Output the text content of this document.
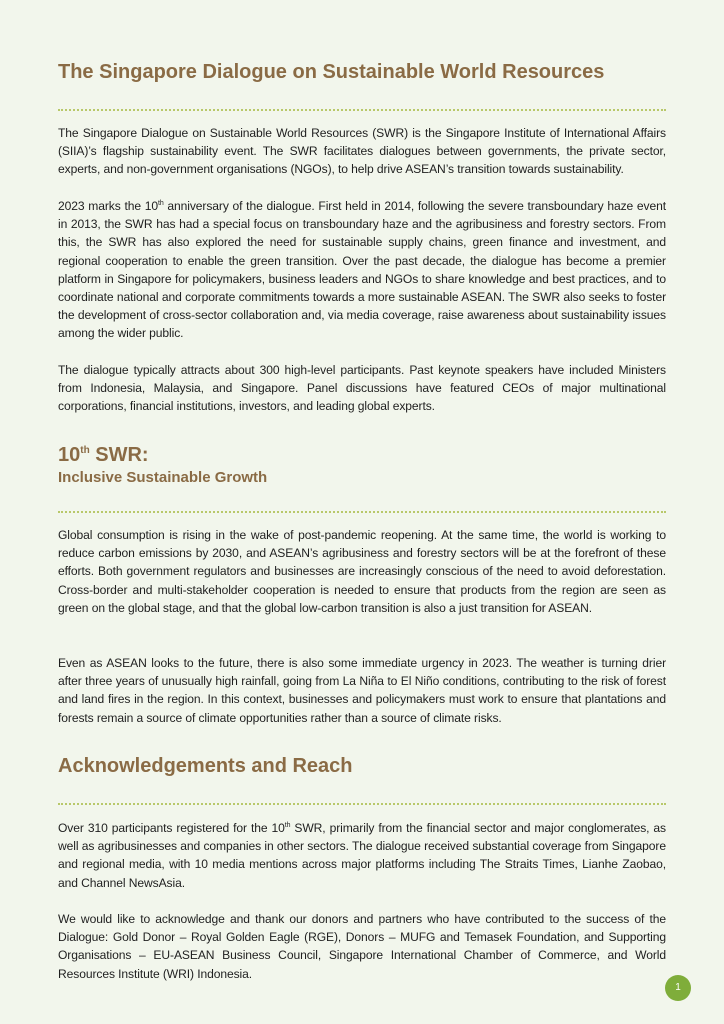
The Singapore Dialogue on Sustainable World Resources

The Singapore Dialogue on Sustainable World Resources (SWR) is the Singapore Institute of International Affairs (SIIA)’s flagship sustainability event. The SWR facilitates dialogues between governments, the private sector, experts, and non-government organisations (NGOs), to help drive ASEAN’s transition towards sustainability.

2023 marks the 10th anniversary of the dialogue. First held in 2014, following the severe transboundary haze event in 2013, the SWR has had a special focus on transboundary haze and the agribusiness and forestry sectors. From this, the SWR has also explored the need for sustainable supply chains, green finance and investment, and regional cooperation to enable the green transition. Over the past decade, the dialogue has become a premier platform in Singapore for policymakers, business leaders and NGOs to share knowledge and best practices, and to coordinate national and corporate commitments towards a more sustainable ASEAN. The SWR also seeks to foster the development of cross-sector collaboration and, via media coverage, raise awareness about sustainability issues among the wider public.

The dialogue typically attracts about 300 high-level participants. Past keynote speakers have included Ministers from Indonesia, Malaysia, and Singapore. Panel discussions have featured CEOs of major multinational corporations, financial institutions, investors, and leading global experts.

10th SWR:
Inclusive Sustainable Growth

Global consumption is rising in the wake of post-pandemic reopening. At the same time, the world is working to reduce carbon emissions by 2030, and ASEAN’s agribusiness and forestry sectors will be at the forefront of these efforts. Both government regulators and businesses are increasingly conscious of the need to avoid deforestation. Cross-border and multi-stakeholder cooperation is needed to ensure that products from the region are seen as green on the global stage, and that the global low-carbon transition is also a just transition for ASEAN.

Even as ASEAN looks to the future, there is also some immediate urgency in 2023. The weather is turning drier after three years of unusually high rainfall, going from La Niña to El Niño conditions, contributing to the risk of forest and land fires in the region. In this context, businesses and policymakers must work to ensure that plantations and forests remain a source of climate opportunities rather than a source of climate risks.

Acknowledgements and Reach

Over 310 participants registered for the 10th SWR, primarily from the financial sector and major conglomerates, as well as agribusinesses and companies in other sectors. The dialogue received substantial coverage from Singapore and regional media, with 10 media mentions across major platforms including The Straits Times, Lianhe Zaobao, and Channel NewsAsia.

We would like to acknowledge and thank our donors and partners who have contributed to the success of the Dialogue: Gold Donor – Royal Golden Eagle (RGE), Donors – MUFG and Temasek Foundation, and Supporting Organisations – EU-ASEAN Business Council, Singapore International Chamber of Commerce, and World Resources Institute (WRI) Indonesia.

1
